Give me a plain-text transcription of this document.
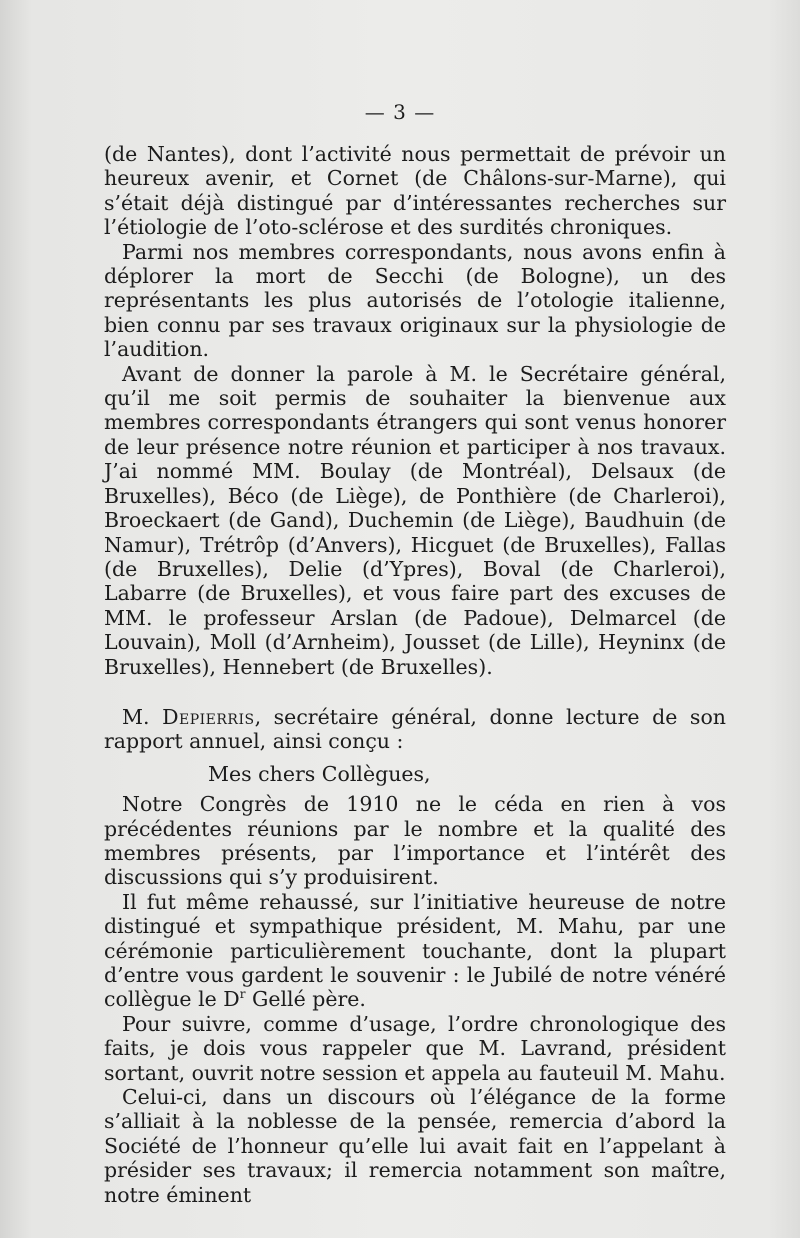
— 3 —

(de Nantes), dont l’activité nous permettait de prévoir un heureux avenir, et Cornet (de Châlons-sur-Marne), qui s’était déjà distingué par d’intéressantes recherches sur l’étiologie de l’oto-sclérose et des surdités chroniques.

Parmi nos membres correspondants, nous avons enfin à déplorer la mort de Secchi (de Bologne), un des représentants les plus autorisés de l’otologie italienne, bien connu par ses travaux originaux sur la physiologie de l’audition.

Avant de donner la parole à M. le Secrétaire général, qu’il me soit permis de souhaiter la bienvenue aux membres correspondants étrangers qui sont venus honorer de leur présence notre réunion et participer à nos travaux. J’ai nommé MM. Boulay (de Montréal), Delsaux (de Bruxelles), Béco (de Liège), de Ponthière (de Charleroi), Broeckaert (de Gand), Duchemin (de Liège), Baudhuin (de Namur), Trétrôp (d’Anvers), Hicguet (de Bruxelles), Fallas (de Bruxelles), Delie (d’Ypres), Boval (de Charleroi), Labarre (de Bruxelles), et vous faire part des excuses de MM. le professeur Arslan (de Padoue), Delmarcel (de Louvain), Moll (d’Arnheim), Jousset (de Lille), Heyninx (de Bruxelles), Hennebert (de Bruxelles).

M. Depierris, secrétaire général, donne lecture de son rapport annuel, ainsi conçu :

Mes chers Collègues,

Notre Congrès de 1910 ne le céda en rien à vos précédentes réunions par le nombre et la qualité des membres présents, par l’importance et l’intérêt des discussions qui s’y produisirent.

Il fut même rehaussé, sur l’initiative heureuse de notre distingué et sympathique président, M. Mahu, par une cérémonie particulièrement touchante, dont la plupart d’entre vous gardent le souvenir : le Jubilé de notre vénéré collègue le $D^r$ Gellé père.

Pour suivre, comme d’usage, l’ordre chronologique des faits, je dois vous rappeler que M. Lavrand, président sortant, ouvrit notre session et appela au fauteuil M. Mahu.

Celui-ci, dans un discours où l’élégance de la forme s’alliait à la noblesse de la pensée, remercia d’abord la Société de l’honneur qu’elle lui avait fait en l’appelant à présider ses travaux; il remercia notamment son maître, notre éminent
